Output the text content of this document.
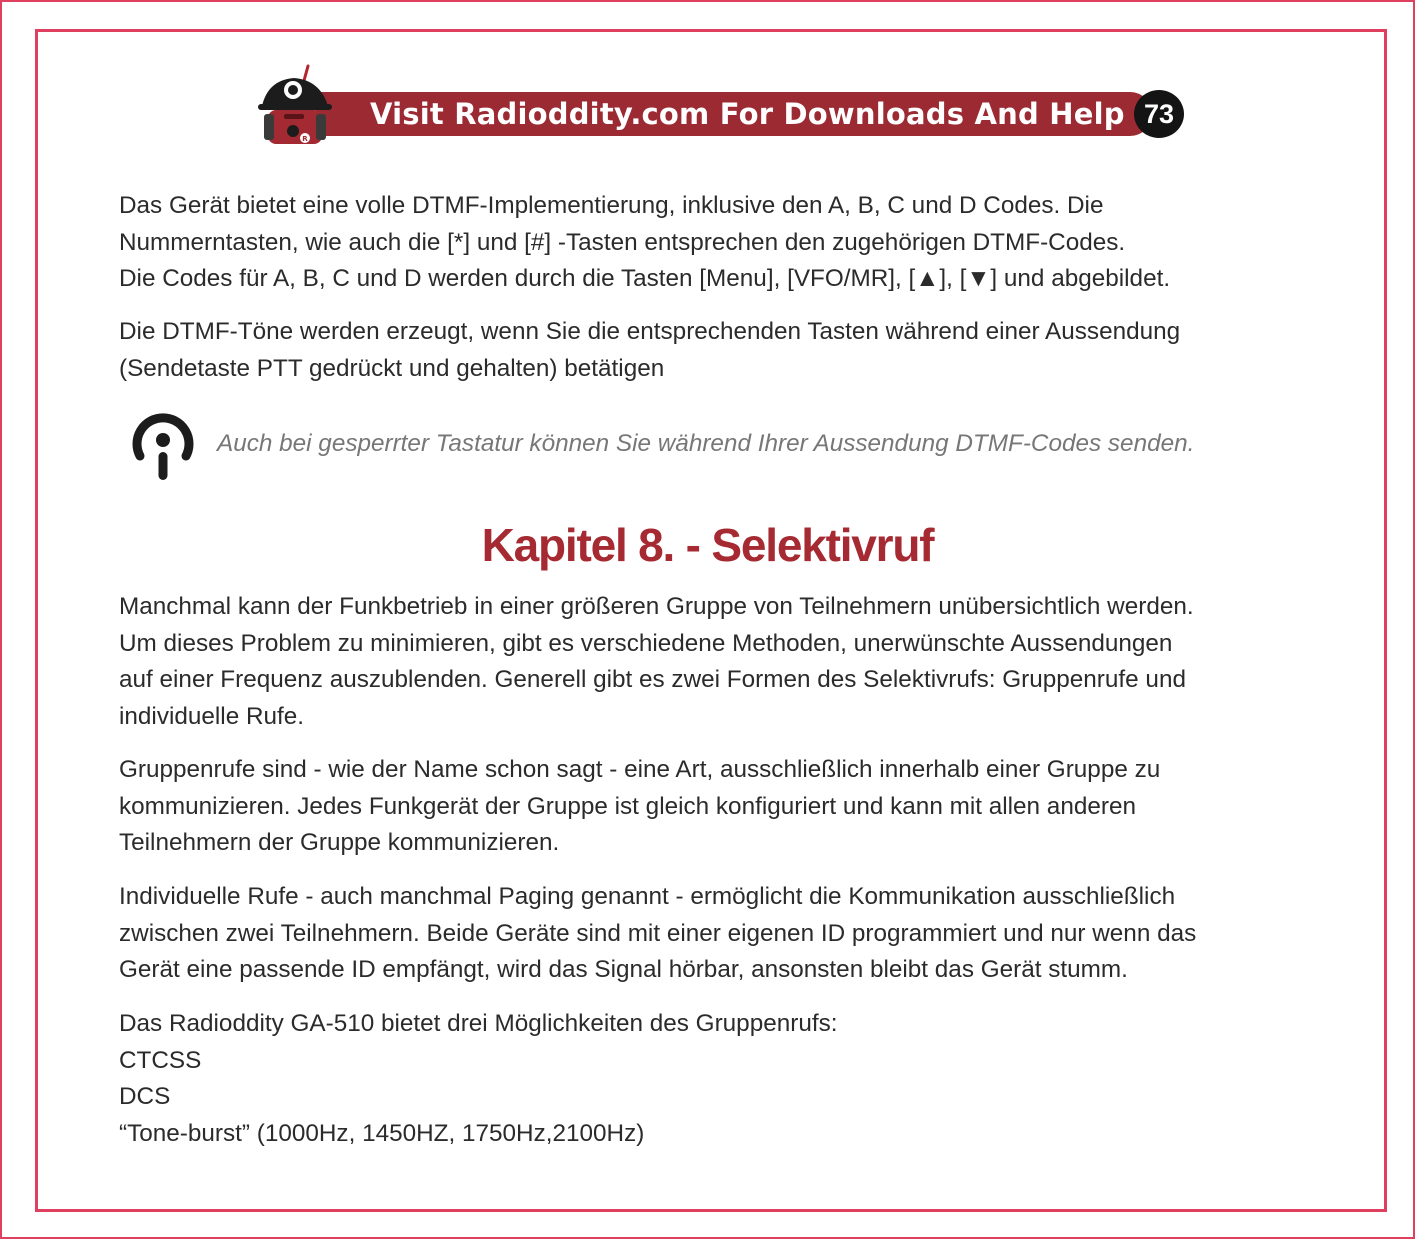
Visit Radioddity.com For Downloads And Help 73
R
Das Gerät bietet eine volle DTMF-Implementierung, inklusive den A, B, C und D Codes. Die
Nummerntasten, wie auch die [*] und [#] -Tasten entsprechen den zugehörigen DTMF-Codes.
Die Codes für A, B, C und D werden durch die Tasten [Menu], [VFO/MR], [▲], [▼] und abgebildet.
Die DTMF-Töne werden erzeugt, wenn Sie die entsprechenden Tasten während einer Aussendung
(Sendetaste PTT gedrückt und gehalten) betätigen
Auch bei gesperrter Tastatur können Sie während Ihrer Aussendung DTMF-Codes senden.
Kapitel 8. - Selektivruf
Manchmal kann der Funkbetrieb in einer größeren Gruppe von Teilnehmern unübersichtlich werden.
Um dieses Problem zu minimieren, gibt es verschiedene Methoden, unerwünschte Aussendungen
auf einer Frequenz auszublenden. Generell gibt es zwei Formen des Selektivrufs: Gruppenrufe und
individuelle Rufe.
Gruppenrufe sind - wie der Name schon sagt - eine Art, ausschließlich innerhalb einer Gruppe zu
kommunizieren. Jedes Funkgerät der Gruppe ist gleich konfiguriert und kann mit allen anderen
Teilnehmern der Gruppe kommunizieren.
Individuelle Rufe - auch manchmal Paging genannt - ermöglicht die Kommunikation ausschließlich
zwischen zwei Teilnehmern. Beide Geräte sind mit einer eigenen ID programmiert und nur wenn das
Gerät eine passende ID empfängt, wird das Signal hörbar, ansonsten bleibt das Gerät stumm.
Das Radioddity GA-510 bietet drei Möglichkeiten des Gruppenrufs:
CTCSS
DCS
“Tone-burst” (1000Hz, 1450HZ, 1750Hz,2100Hz)
